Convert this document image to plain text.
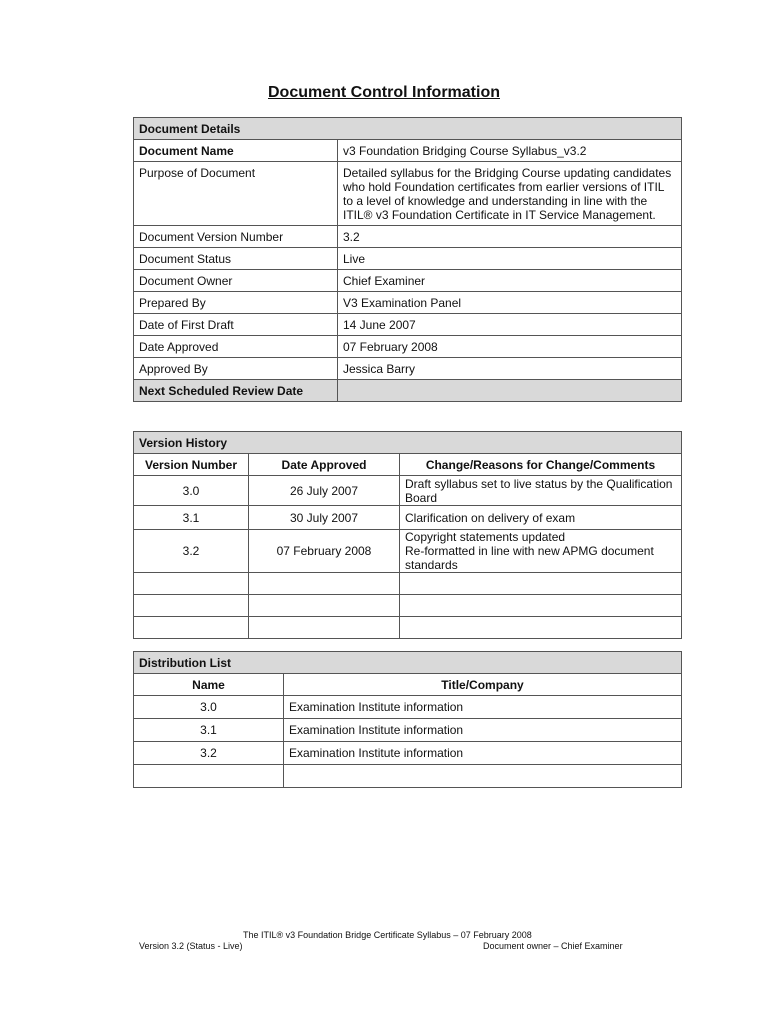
Document Control Information
Document Details	
Document Name	v3 Foundation Bridging Course Syllabus_v3.2
Purpose of Document	Detailed syllabus for the Bridging Course updating candidates who hold Foundation certificates from earlier versions of ITIL to a level of knowledge and understanding in line with the ITIL® v3 Foundation Certificate in IT Service Management.
Document Version Number	3.2
Document Status	Live
Document Owner	Chief Examiner
Prepared By	V3 Examination Panel
Date of First Draft	14 June 2007
Date Approved	07 February 2008
Approved By	Jessica Barry
Next Scheduled Review Date	
Version History		
Version Number	Date Approved	Change/Reasons for Change/Comments
3.0	26 July 2007	Draft syllabus set to live status by the Qualification Board
3.1	30 July 2007	Clarification on delivery of exam
3.2	07 February 2008	Copyright statements updated
Re-formatted in line with new APMG document standards

Distribution List	
Name	Title/Company
3.0	Examination Institute information
3.1	Examination Institute information
3.2	Examination Institute information

The ITIL® v3 Foundation Bridge Certificate Syllabus – 07 February 2008
Version 3.2 (Status - Live)	Document owner – Chief Examiner
